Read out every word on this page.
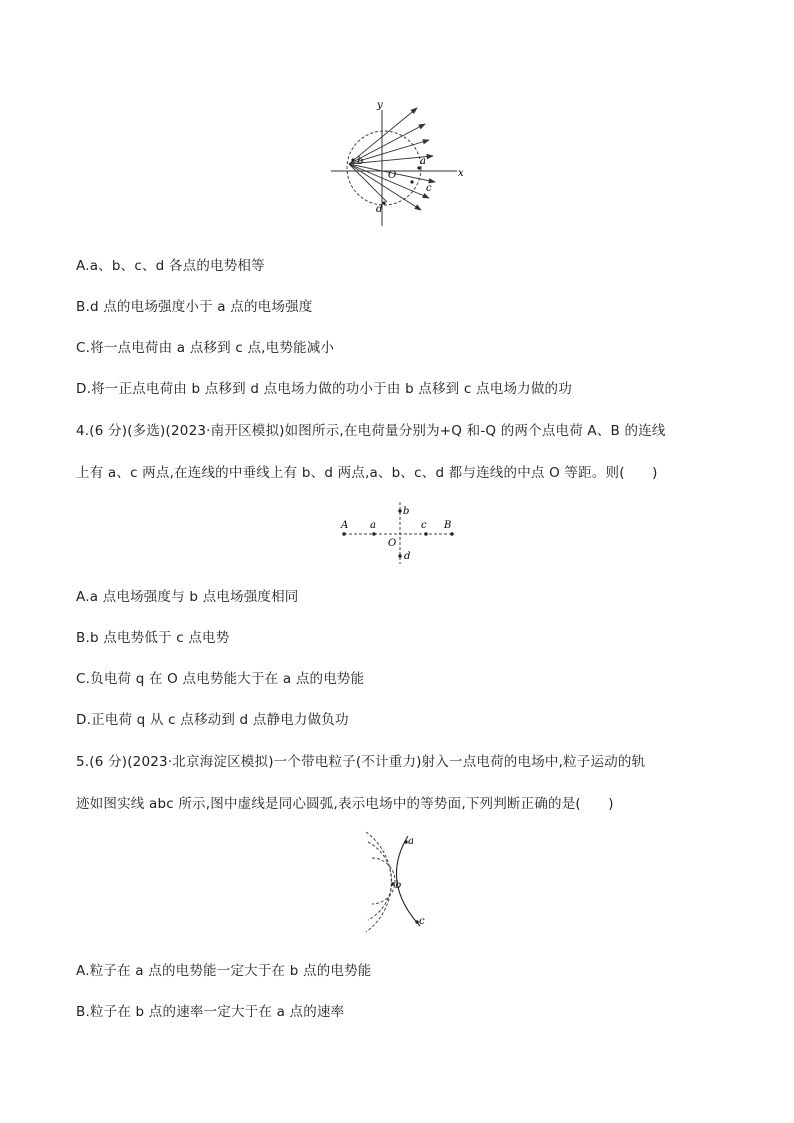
y
x
b	a
O
c
d
A.a、b、c、d 各点的电势相等
B.d 点的电场强度小于 a 点的电场强度
C.将一点电荷由 a 点移到 c 点,电势能减小
D.将一正点电荷由 b 点移到 d 点电场力做的功小于由 b 点移到 c 点电场力做的功
4.(6 分)(多选)(2023·南开区模拟)如图所示,在电荷量分别为+Q 和-Q 的两个点电荷 A、B 的连线
上有 a、c 两点,在连线的中垂线上有 b、d 两点,a、b、c、d 都与连线的中点 O 等距。则(　　)
A a
b
O
c B
d
A.a 点电场强度与 b 点电场强度相同
B.b 点电势低于 c 点电势
C.负电荷 q 在 O 点电势能大于在 a 点的电势能
D.正电荷 q 从 c 点移动到 d 点静电力做负功
5.(6 分)(2023·北京海淀区模拟)一个带电粒子(不计重力)射入一点电荷的电场中,粒子运动的轨
迹如图实线 abc 所示,图中虚线是同心圆弧,表示电场中的等势面,下列判断正确的是(　　)
a
b
c
A.粒子在 a 点的电势能一定大于在 b 点的电势能
B.粒子在 b 点的速率一定大于在 a 点的速率
